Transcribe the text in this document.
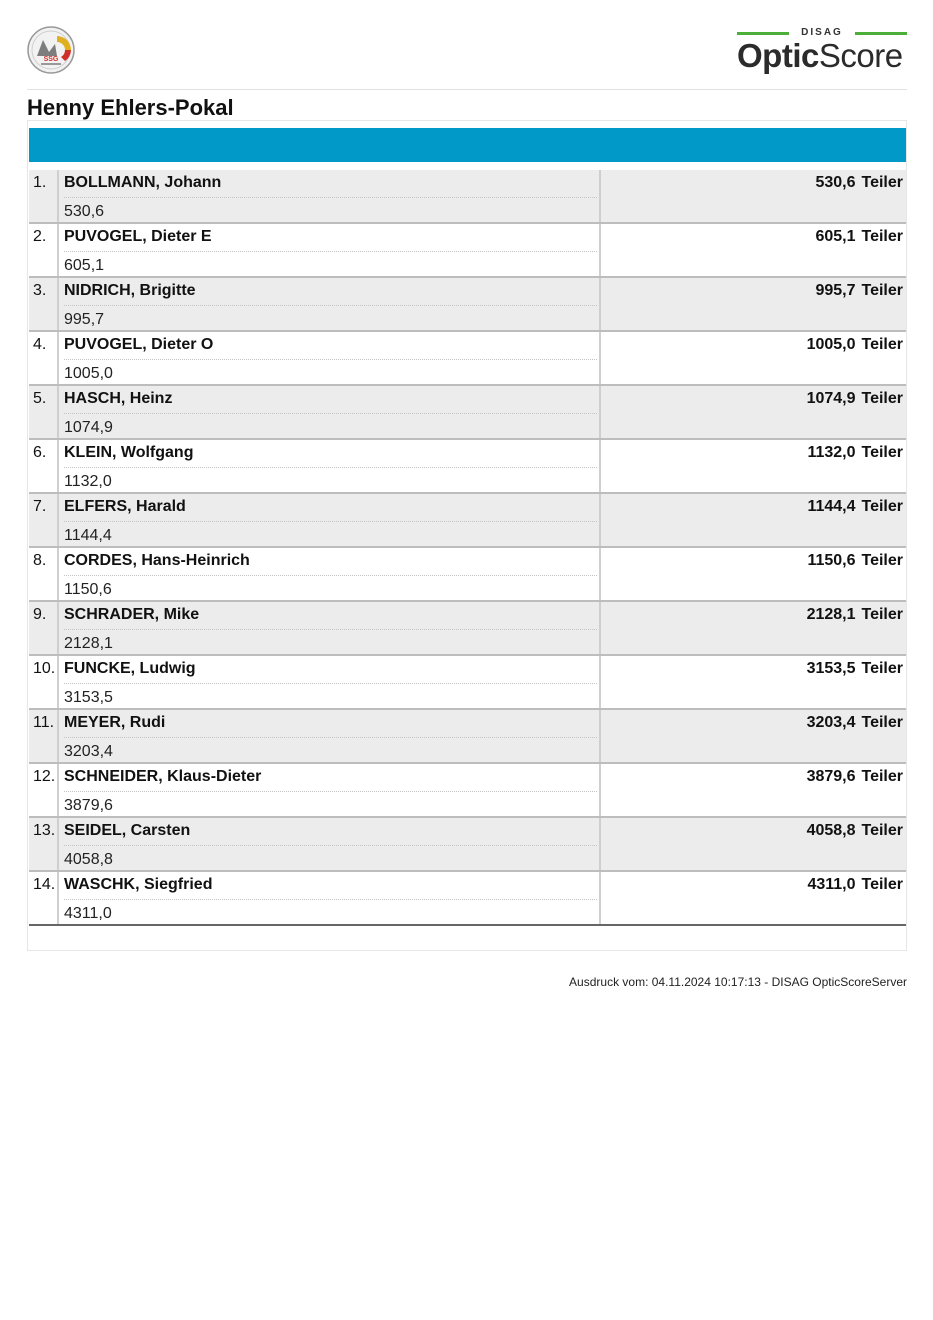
SSG
DISAG
OpticScore
Henny Ehlers-Pokal
1.	BOLLMANN, Johann
530,6
530,6 Teiler
2.	PUVOGEL, Dieter E
605,1
605,1 Teiler
3.	NIDRICH, Brigitte
995,7
995,7 Teiler
4.	PUVOGEL, Dieter O
1005,0
1005,0 Teiler
5.	HASCH, Heinz
1074,9
1074,9 Teiler
6.	KLEIN, Wolfgang
1132,0
1132,0 Teiler
7.	ELFERS, Harald
1144,4
1144,4 Teiler
8.	CORDES, Hans-Heinrich
1150,6
1150,6 Teiler
9.	SCHRADER, Mike
2128,1
2128,1 Teiler
10. FUNCKE, Ludwig
3153,5
3153,5 Teiler
11. MEYER, Rudi
3203,4
3203,4 Teiler
12. SCHNEIDER, Klaus-Dieter
3879,6
3879,6 Teiler
13. SEIDEL, Carsten
4058,8
4058,8 Teiler
14. WASCHK, Siegfried
4311,0
4311,0 Teiler
Ausdruck vom: 04.11.2024 10:17:13 - DISAG OpticScoreServer
